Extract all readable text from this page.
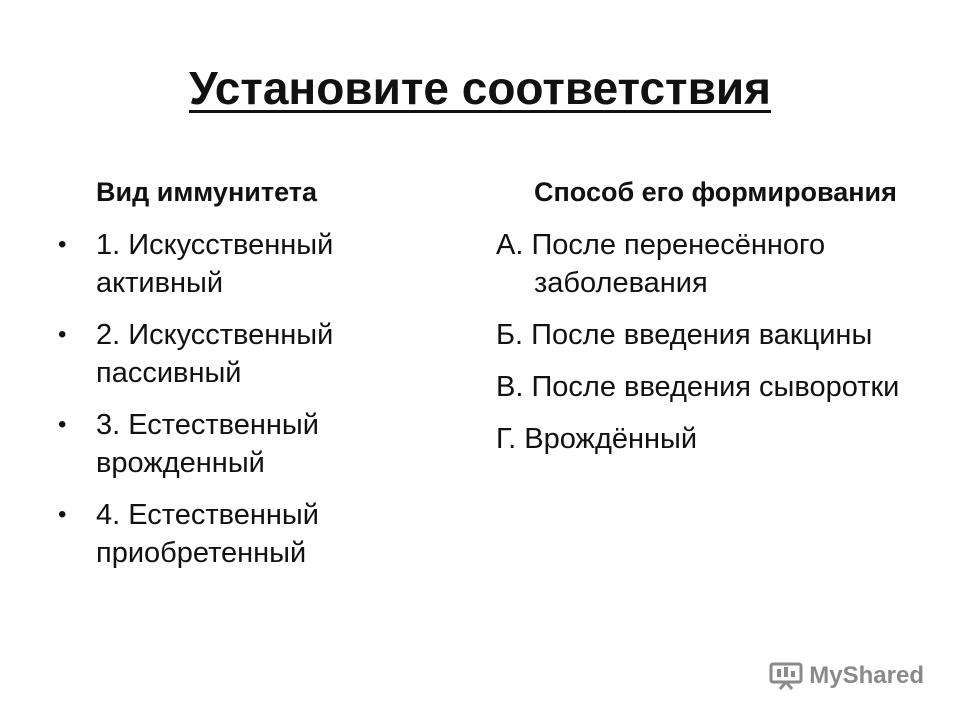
Установите соответствия
Вид иммунитета
• 1. Искусственный активный
• 2. Искусственный пассивный
• 3. Естественный врожденный
• 4. Естественный приобретенный
Способ его формирования
А. После перенесённого заболевания
Б. После введения вакцины
В. После введения сыворотки
Г. Врождённый
MyShared
